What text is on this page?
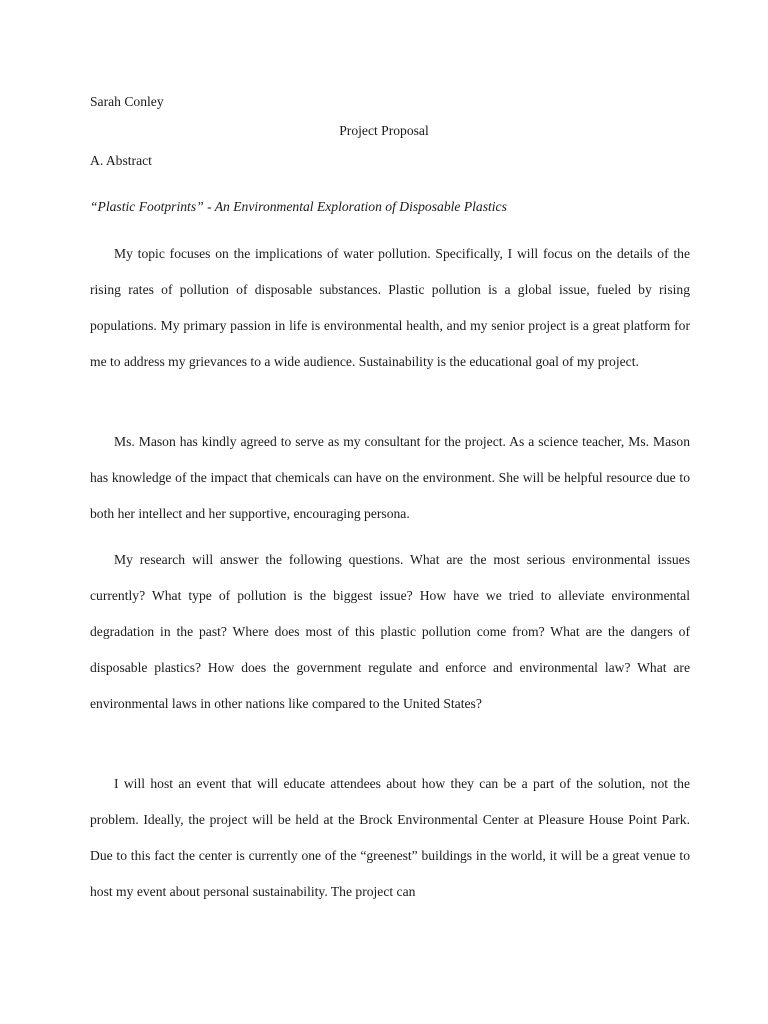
Sarah Conley
Project Proposal
A. Abstract
“Plastic Footprints” - An Environmental Exploration of Disposable Plastics

My topic focuses on the implications of water pollution. Specifically, I will focus on the details of the rising rates of pollution of disposable substances. Plastic pollution is a global issue, fueled by rising populations. My primary passion in life is environmental health, and my senior project is a great platform for me to address my grievances to a wide audience. Sustainability is the educational goal of my project.

Ms. Mason has kindly agreed to serve as my consultant for the project. As a science teacher, Ms. Mason has knowledge of the impact that chemicals can have on the environment. She will be helpful resource due to both her intellect and her supportive, encouraging persona.

My research will answer the following questions. What are the most serious environmental issues currently? What type of pollution is the biggest issue? How have we tried to alleviate environmental degradation in the past? Where does most of this plastic pollution come from? What are the dangers of disposable plastics? How does the government regulate and enforce and environmental law? What are environmental laws in other nations like compared to the United States?

I will host an event that will educate attendees about how they can be a part of the solution, not the problem. Ideally, the project will be held at the Brock Environmental Center at Pleasure House Point Park. Due to this fact the center is currently one of the “greenest” buildings in the world, it will be a great venue to host my event about personal sustainability. The project can
